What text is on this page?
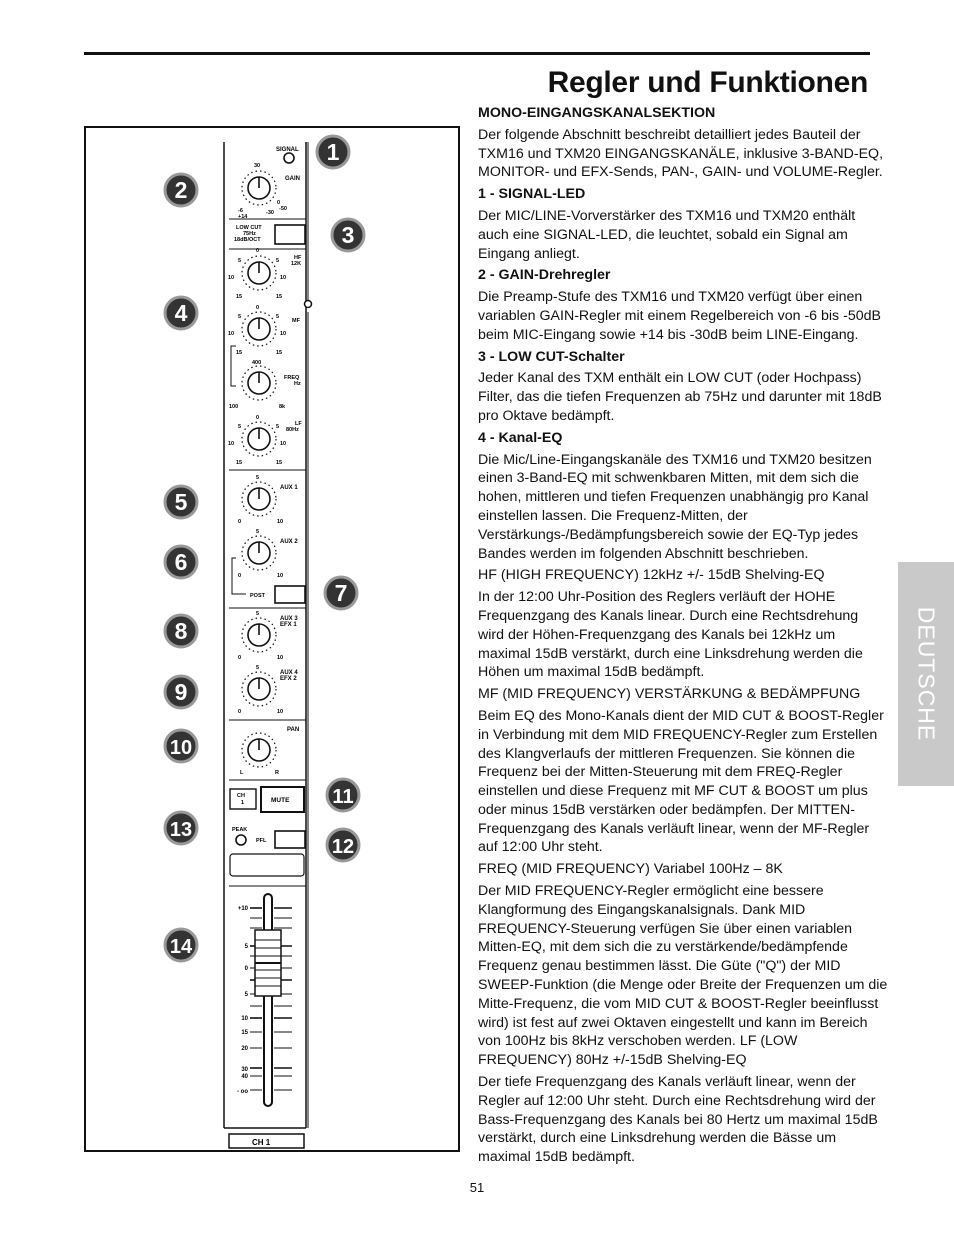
Regler und Funktionen
SIGNAL
30
GAIN
-6 +14
-30
-50
0
LOW CUT
75Hz
18dB/OCT
HF
12K
0
5	5
10	10
15	15
MF
0
5	5
10	10
15	15
400
FREQ
Hz
100	8k
LF
80Hz
0
5	5
10	10
15	15
AUX 1
5
0	10
AUX 2
5
0	10
POST
AUX 3
EFX 1
5
0	10
AUX 4
EFX 2
5
0	10
PAN
L	R
CH
1	MUTE
PEAK
PFL
+10
5
0
5
10
15
20
30
40
- oo
CH 1
1
2
3
4
5
6
7
8
9
10
11
12
13
14

MONO-EINGANGSKANALSEKTION

Der folgende Abschnitt beschreibt detailliert jedes Bauteil der TXM16 und TXM20 EINGANGSKANÄLE, inklusive 3-BAND-EQ, MONITOR- und EFX-Sends, PAN-, GAIN- und VOLUME-Regler.

1 - SIGNAL-LED

Der MIC/LINE-Vorverstärker des TXM16 und TXM20 enthält auch eine SIGNAL-LED, die leuchtet, sobald ein Signal am Eingang anliegt.

2 - GAIN-Drehregler

Die Preamp-Stufe des TXM16 und TXM20 verfügt über einen variablen GAIN-Regler mit einem Regelbereich von -6 bis -50dB beim MIC-Eingang sowie +14 bis -30dB beim LINE-Eingang.

3 - LOW CUT-Schalter

Jeder Kanal des TXM enthält ein LOW CUT (oder Hochpass) Filter, das die tiefen Frequenzen ab 75Hz und darunter mit 18dB pro Oktave bedämpft.

4 - Kanal-EQ

Die Mic/Line-Eingangskanäle des TXM16 und TXM20 besitzen einen 3-Band-EQ mit schwenkbaren Mitten, mit dem sich die hohen, mittleren und tiefen Frequenzen unabhängig pro Kanal einstellen lassen. Die Frequenz-Mitten, der Verstärkungs-/Bedämpfungsbereich sowie der EQ-Typ jedes Bandes werden im folgenden Abschnitt beschrieben.

HF (HIGH FREQUENCY) 12kHz +/- 15dB Shelving-EQ

In der 12:00 Uhr-Position des Reglers verläuft der HOHE Frequenzgang des Kanals linear. Durch eine Rechtsdrehung wird der Höhen-Frequenzgang des Kanals bei 12kHz um maximal 15dB verstärkt, durch eine Linksdrehung werden die Höhen um maximal 15dB bedämpft.

MF (MID FREQUENCY) VERSTÄRKUNG & BEDÄMPFUNG

Beim EQ des Mono-Kanals dient der MID CUT & BOOST-Regler in Verbindung mit dem MID FREQUENCY-Regler zum Erstellen des Klangverlaufs der mittleren Frequenzen. Sie können die Frequenz bei der Mitten-Steuerung mit dem FREQ-Regler einstellen und diese Frequenz mit MF CUT & BOOST um plus oder minus 15dB verstärken oder bedämpfen. Der MITTEN-Frequenzgang des Kanals verläuft linear, wenn der MF-Regler auf 12:00 Uhr steht.

FREQ (MID FREQUENCY) Variabel 100Hz – 8K

Der MID FREQUENCY-Regler ermöglicht eine bessere Klangformung des Eingangskanalsignals. Dank MID FREQUENCY-Steuerung verfügen Sie über einen variablen Mitten-EQ, mit dem sich die zu verstärkende/bedämpfende Frequenz genau bestimmen lässt. Die Güte ("Q") der MID SWEEP-Funktion (die Menge oder Breite der Frequenzen um die Mitte-Frequenz, die vom MID CUT & BOOST-Regler beeinflusst wird) ist fest auf zwei Oktaven eingestellt und kann im Bereich von 100Hz bis 8kHz verschoben werden. LF (LOW FREQUENCY) 80Hz +/-15dB Shelving-EQ

Der tiefe Frequenzgang des Kanals verläuft linear, wenn der Regler auf 12:00 Uhr steht. Durch eine Rechtsdrehung wird der Bass-Frequenzgang des Kanals bei 80 Hertz um maximal 15dB verstärkt, durch eine Linksdrehung werden die Bässe um maximal 15dB bedämpft.

DEUTSCHE
51
